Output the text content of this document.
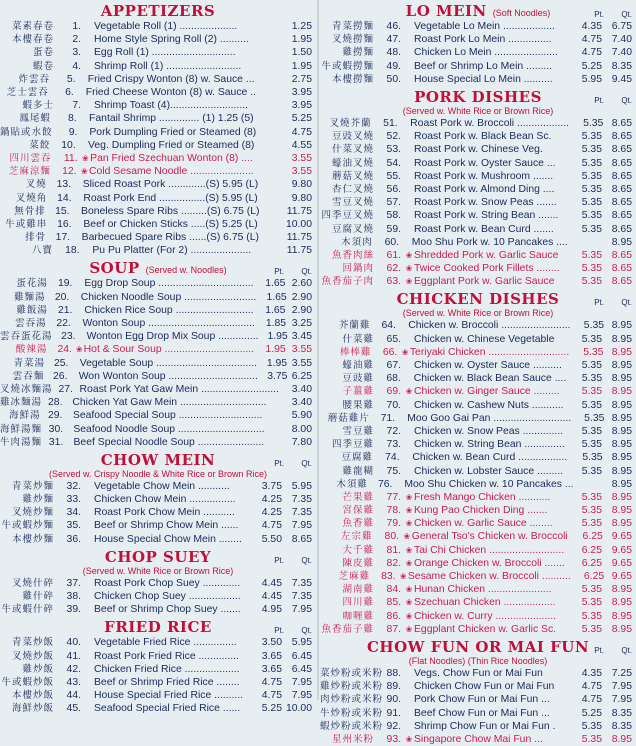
APPETIZERS
菜素春卷	1. Vegetable Roll (1) ....................	1.25
本樓春卷	2. Home Style Spring Roll (2) ..........	1.95
蛋卷	3. Egg Roll (1) .............................	1.50
蝦卷	4. Shrimp Roll (1) ..........................	1.95
炸雲吞	5. Fried Crispy Wonton (8) w. Sauce ...	2.75
芝士雲吞	6. Fried Cheese Wonton (8) w. Sauce ..	3.95
蝦多士	7. Shrimp Toast (4)...........................	3.95
鳳尾蝦	8. Fantail Shrimp .............. (1) 1.25 (5)	5.25
鍋貼或水餃	9. Pork Dumpling Fried or Steamed (8)	4.75
菜餃	10. Veg. Dumpling Fried or Steamed (8)	4.55
四川雲吞	11. ❀ Pan Fried Szechuan Wonton (8) ....	3.55
芝麻涼麵	12. ❀ Cold Sesame Noodle ......................	3.55
叉燒 13. Sliced Roast Pork .............(S) 5.95 (L)	9.80
叉燒角 14. Roast Pork End ................(S) 5.95 (L)	9.80
無骨排 15. Boneless Spare Ribs .........(S) 6.75 (L)	11.75
牛或雞串 16. Beef or Chicken Sticks .....(S) 5.25 (L)	10.00
排骨 17. Barbecued Spare Ribs ......(S) 6.75 (L)	11.75
八寶	18. Pu Pu Platter (For 2) .....................	11.75
SOUP (Served w. Noodles)	Pt. Qt.
蛋花湯 19. Egg Drop Soup .................................	1.65 2.60
雞麵湯 20. Chicken Noodle Soup ......................... 1.65 2.90
雞飯湯 21. Chicken Rice Soup ...........................	1.65 2.90
雲吞湯 22. Wonton Soup .....................................	1.85 3.25
雲吞蛋花湯 23. Wonton Egg Drop Mix Soup .............. 1.95 3.45
酸辣湯 24. ❀ Hot & Sour Soup ...............................	1.95 3.55
青菜湯 25. Vegetable Soup ................................... 1.95 3.55
雲吞麵 26. Won Wonton Soup ............................... 3.75 6.25
叉燒冰麵湯 27. Roast Pork Yat Gaw Mein ........................... 3.40
雞冰麵湯 28. Chicken Yat Gaw Mein .............................. 3.40
海鮮湯 29. Seafood Special Soup .............................	5.90
海鮮湯麵 30. Seafood Noodle Soup ..............................	8.00
牛肉湯麵 31. Beef Special Noodle Soup .......................	7.80
CHOW MEIN	Pt. Qt.
(Served w. Crispy Noodle & White Rice or Brown Rice)
青菜炒麵	32. Vegetable Chow Mein ...........	3.75 5.95
雞炒麵	33. Chicken Chow Mein ................	4.25 7.35
叉燒炒麵	34. Roast Pork Chow Mein ...........	4.25 7.35
牛或蝦炒麵	35. Beef or Shrimp Chow Mein ......	4.75 7.95
本樓炒麵	36. House Special Chow Mein ........	5.50 8.65
CHOP SUEY	Pt. Qt.
(Served w. White Rice or Brown Rice)
叉燒什碎	37. Roast Pork Chop Suey .............	4.45 7.35
雞什碎	38. Chicken Chop Suey ..................	4.45 7.35
牛或蝦什碎	39. Beef or Shrimp Chop Suey .......	4.95 7.95
FRIED RICE	Pt. Qt.
青菜炒飯	40. Vegetable Fried Rice ...............	3.50 5.95
叉燒炒飯	41. Roast Pork Fried Rice ..............	3.65 6.45
雞炒飯	42. Chicken Fried Rice ...................	3.65 6.45
牛或蝦炒飯	43. Beef or Shrimp Fried Rice ........	4.75 7.95
本樓炒飯	44. House Special Fried Rice ..........	4.75 7.95
海鮮炒飯	45. Seafood Special Fried Rice ......	5.25 10.00
LO MEIN (Soft Noodles)	Pt. Qt.
青菜撈麵	46. Vegetable Lo Mein ..................	4.35 6.75
叉燒撈麵	47. Roast Pork Lo Mein ...............	4.75 7.40
雞撈麵	48. Chicken Lo Mein ......................	4.75 7.40
牛或蝦撈麵	49. Beef or Shrimp Lo Mein .........	5.25 8.35
本樓撈麵	50. House Special Lo Mein ..........	5.95 9.45
PORK DISHES	Pt. Qt.
(Served w. White Rice or Brown Rice)
叉燒芥蘭	51. Roast Pork w. Broccoli ..................	5.35 8.65
豆豉叉燒	52. Roast Pork w. Black Bean Sc.	5.35 8.65
什菜叉燒	53. Roast Pork w. Chinese Veg.	5.35 8.65
蠔油叉燒	54. Roast Pork w. Oyster Sauce ...	5.35 8.65
蘑菇叉燒	55. Roast Pork w. Mushroom .......	5.35 8.65
杏仁叉燒	56. Roast Pork w. Almond Ding ....	5.35 8.65
雪豆叉燒	57. Roast Pork w. Snow Peas .......	5.35 8.65
四季豆叉燒	58. Roast Pork w. String Bean .......	5.35 8.65
豆腐叉燒	59. Roast Pork w. Bean Curd .......	5.35 8.65
木須肉	60. Moo Shu Pork w. 10 Pancakes ....	8.95
魚香肉絲	61. ❀ Shredded Pork w. Garlic Sauce	5.35 8.65
回鍋肉	62. ❀ Twice Cooked Pork Fillets ........	5.35 8.65
魚香茄子肉	63. ❀ Eggplant Pork w. Garlic Sauce	5.35 8.65
CHICKEN DISHES	Pt. Qt.
(Served w. White Rice or Brown Rice)
芥蘭雞	64. Chicken w. Broccoli ........................	5.35 8.95
什菜雞	65. Chicken w. Chinese Vegetable	5.35 8.95
棒棒雞	66. ❀ Teriyaki Chicken ............................	5.35 8.95
蠔油雞	67. Chicken w. Oyster Sauce ..........	5.35 8.95
豆豉雞	68. Chicken w. Black Bean Sauce ....	5.35 8.95
子薑雞	69. ❀ Chicken w. Ginger Sauce .........	5.35 8.95
腰果雞	70. Chicken w. Cashew Nuts ...........	5.35 8.95
蘑菇雞片	71. Moo Goo Gai Pan ...........................	5.35 8.95
雪豆雞	72. Chicken w. Snow Peas ..............	5.35 8.95
四季豆雞	73. Chicken w. String Bean ..............	5.35 8.95
豆腐雞	74. Chicken w. Bean Curd .................	5.35 8.95
雞龍糊	75. Chicken w. Lobster Sauce .........	5.35 8.95
木須雞 76. Moo Shu Chicken w. 10 Pancakes ...	8.95
芒果雞	77. ❀ Fresh Mango Chicken ...........	5.35 8.95
宮保雞	78. ❀ Kung Pao Chicken Ding .......	5.35 8.95
魚香雞	79. ❀ Chicken w. Garlic Sauce ........	5.35 8.95
左宗雞	80. ❀ General Tso's Chicken w. Broccoli	6.25 9.65
大千雞	81. ❀ Tai Chi Chicken ..........................	6.25 9.65
陳皮雞	82. ❀ Orange Chicken w. Broccoli .......	6.25 9.65
芝麻雞	83. ❀ Sesame Chicken w. Broccoli ..........	6.25 9.65
湖南雞	84. ❀ Hunan Chicken ......................	5.35 8.95
四川雞	85. ❀ Szechuan Chicken ..................	5.35 8.95
咖喱雞	86. ❀ Chicken w. Curry .....................	5.35 8.95
魚香茄子雞	87. ❀ Eggplant Chicken w. Garlic Sc.	5.35 8.95
CHOW FUN OR MAI FUN Pt. Qt.
(Flat Noodles) (Thin Rice Noodles)
菜炒粉或米粉 88. Vegs. Chow Fun or Mai Fun	4.35 7.25
雞炒粉或米粉 89. Chicken Chow Fun or Mai Fun	4.75 7.95
肉炒粉或米粉 90. Pork Chow Fun or Mai Fun ...	4.75 7.95
牛炒粉或米粉 91. Beef Chow Fun or Mai Fun ...	5.25 8.35
蝦炒粉或米粉 92. Shrimp Chow Fun or Mai Fun .	5.35 8.35
星州米粉	93. ❀ Singapore Chow Mai Fun ...	5.35 8.95
